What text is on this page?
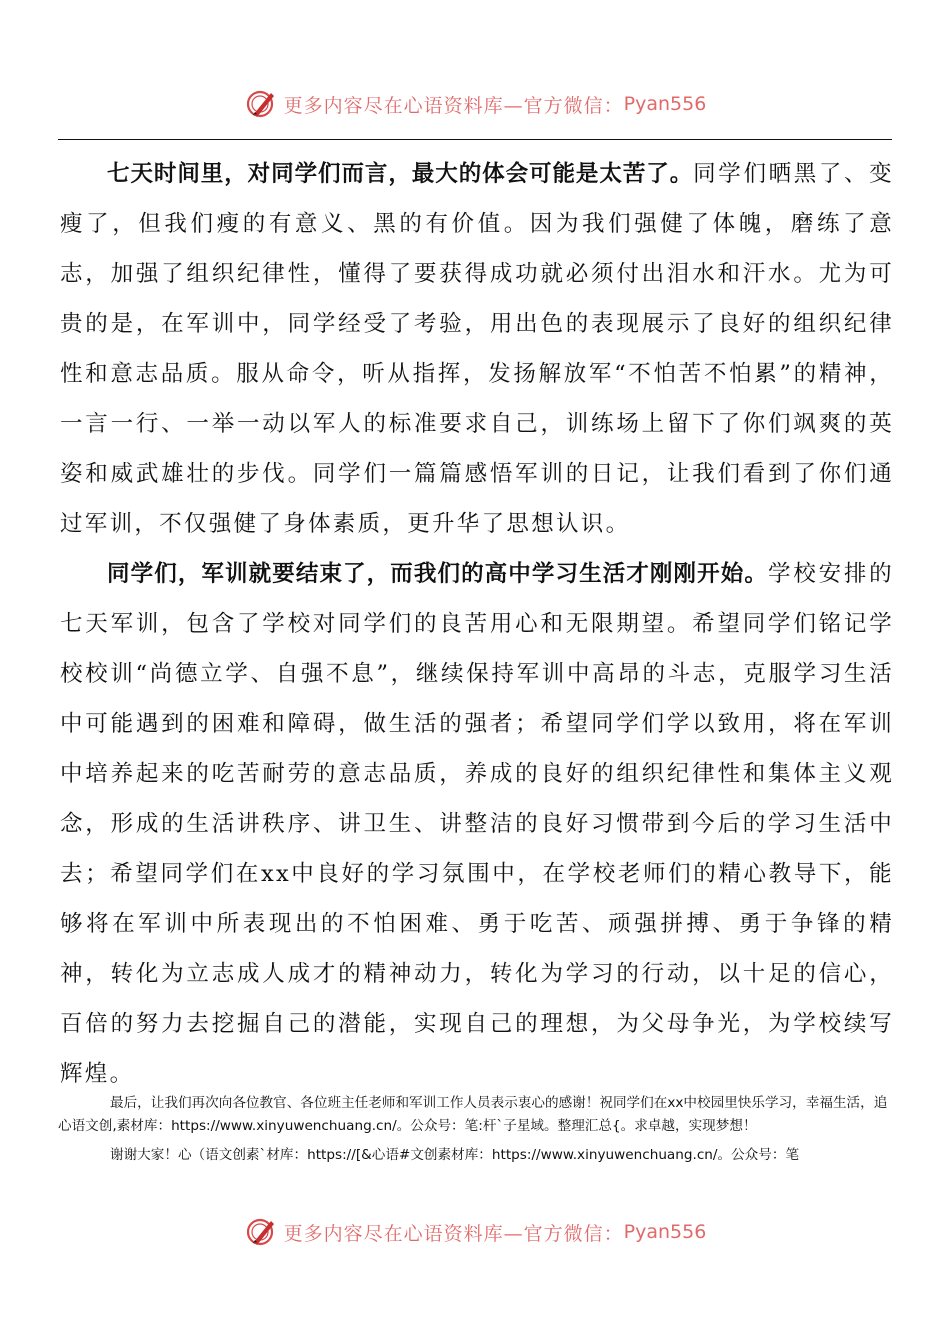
更多内容尽在心语资料库—官方微信： Pyan556

七天时间里，对同学们而言，最大的体会可能是太苦了。同学们晒黑了、变瘦了，但我们瘦的有意义、黑的有价值。因为我们强健了体魄，磨练了意志，加强了组织纪律性，懂得了要获得成功就必须付出泪水和汗水。尤为可贵的是，在军训中，同学经受了考验，用出色的表现展示了良好的组织纪律性和意志品质。服从命令，听从指挥，发扬解放军“不怕苦不怕累”的精神，一言一行、一举一动以军人的标准要求自己，训练场上留下了你们飒爽的英姿和威武雄壮的步伐。同学们一篇篇感悟军训的日记，让我们看到了你们通过军训，不仅强健了身体素质，更升华了思想认识。

同学们，军训就要结束了，而我们的高中学习生活才刚刚开始。学校安排的七天军训，包含了学校对同学们的良苦用心和无限期望。希望同学们铭记学校校训“尚德立学、自强不息”，继续保持军训中高昂的斗志，克服学习生活中可能遇到的困难和障碍，做生活的强者；希望同学们学以致用，将在军训中培养起来的吃苦耐劳的意志品质，养成的良好的组织纪律性和集体主义观念，形成的生活讲秩序、讲卫生、讲整洁的良好习惯带到今后的学习生活中去；希望同学们在xx中良好的学习氛围中，在学校老师们的精心教导下，能够将在军训中所表现出的不怕困难、勇于吃苦、顽强拼搏、勇于争锋的精神，转化为立志成人成才的精神动力，转化为学习的行动，以十足的信心，百倍的努力去挖掘自己的潜能，实现自己的理想，为父母争光，为学校续写辉煌。

最后，让我们再次向各位教官、各位班主任老师和军训工作人员表示衷心的感谢！祝同学们在xx中校园里快乐学习，幸福生活，追心语文创,素材库：https://www.xinyuwenchuang.cn/。公众号：笔:杆`子星域。整理汇总{。求卓越，实现梦想！

谢谢大家！心（语文创素`材库：https://[&心语#文创素材库：https://www.xinyuwenchuang.cn/。公众号：笔

更多内容尽在心语资料库—官方微信： Pyan556
